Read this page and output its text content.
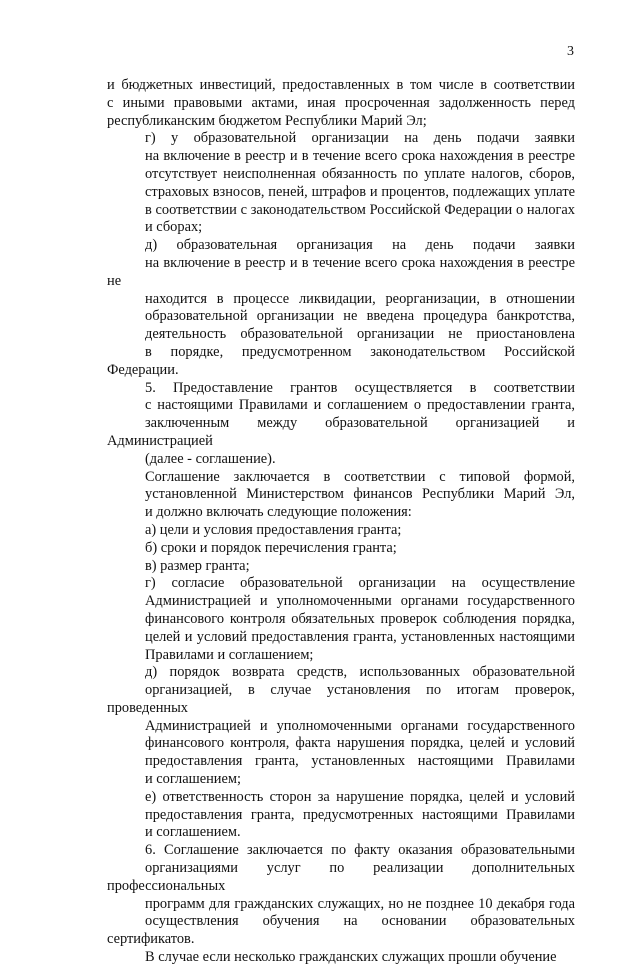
3

и бюджетных инвестиций, предоставленных в том числе в соответствии
с иными правовыми актами, иная просроченная задолженность перед
республиканским бюджетом Республики Марий Эл;

г) у образовательной организации на день подачи заявки
на включение в реестр и в течение всего срока нахождения в реестре
отсутствует неисполненная обязанность по уплате налогов, сборов,
страховых взносов, пеней, штрафов и процентов, подлежащих уплате
в соответствии с законодательством Российской Федерации о налогах
и сборах;

д) образовательная организация на день подачи заявки
на включение в реестр и в течение всего срока нахождения в реестре не
находится в процессе ликвидации, реорганизации, в отношении
образовательной организации не введена процедура банкротства,
деятельность образовательной организации не приостановлена
в порядке, предусмотренном законодательством Российской Федерации.

5. Предоставление грантов осуществляется в соответствии
с настоящими Правилами и соглашением о предоставлении гранта,
заключенным между образовательной организацией и Администрацией
(далее - соглашение).

Соглашение заключается в соответствии с типовой формой,
установленной Министерством финансов Республики Марий Эл,
и должно включать следующие положения:

а) цели и условия предоставления гранта;

б) сроки и порядок перечисления гранта;

в) размер гранта;

г) согласие образовательной организации на осуществление
Администрацией и уполномоченными органами государственного
финансового контроля обязательных проверок соблюдения порядка,
целей и условий предоставления гранта, установленных настоящими
Правилами и соглашением;

д) порядок возврата средств, использованных образовательной
организацией, в случае установления по итогам проверок, проведенных
Администрацией и уполномоченными органами государственного
финансового контроля, факта нарушения порядка, целей и условий
предоставления гранта, установленных настоящими Правилами
и соглашением;

е) ответственность сторон за нарушение порядка, целей и условий
предоставления гранта, предусмотренных настоящими Правилами
и соглашением.

6. Соглашение заключается по факту оказания образовательными
организациями услуг по реализации дополнительных профессиональных
программ для гражданских служащих, но не позднее 10 декабря года
осуществления обучения на основании образовательных сертификатов.

В случае если несколько гражданских служащих прошли обучение
